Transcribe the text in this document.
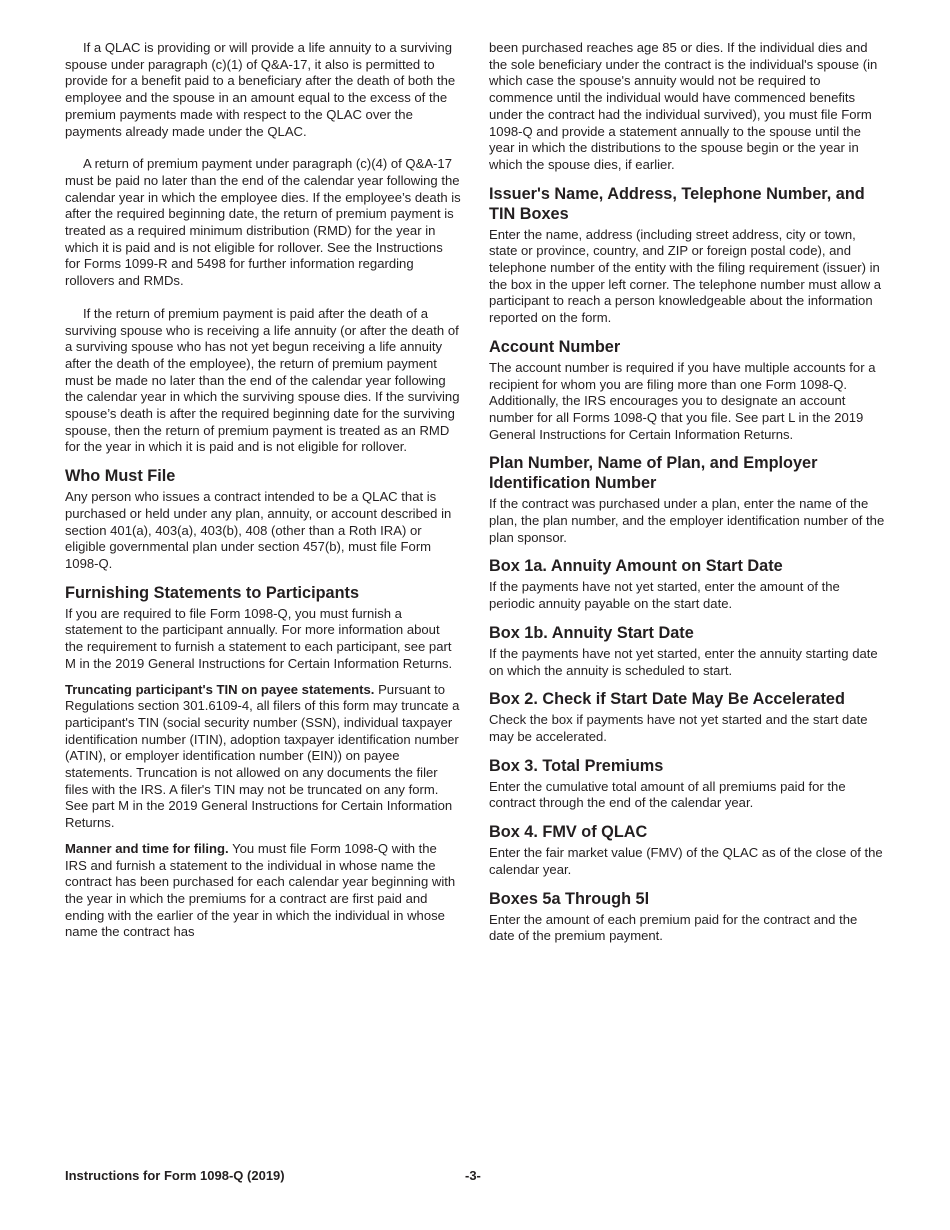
If a QLAC is providing or will provide a life annuity to a surviving spouse under paragraph (c)(1) of Q&A-17, it also is permitted to provide for a benefit paid to a beneficiary after the death of both the employee and the spouse in an amount equal to the excess of the premium payments made with respect to the QLAC over the payments already made under the QLAC.

A return of premium payment under paragraph (c)(4) of Q&A-17 must be paid no later than the end of the calendar year following the calendar year in which the employee dies. If the employee’s death is after the required beginning date, the return of premium payment is treated as a required minimum distribution (RMD) for the year in which it is paid and is not eligible for rollover. See the Instructions for Forms 1099-R and 5498 for further information regarding rollovers and RMDs.

If the return of premium payment is paid after the death of a surviving spouse who is receiving a life annuity (or after the death of a surviving spouse who has not yet begun receiving a life annuity after the death of the employee), the return of premium payment must be made no later than the end of the calendar year following the calendar year in which the surviving spouse dies. If the surviving spouse’s death is after the required beginning date for the surviving spouse, then the return of premium payment is treated as an RMD for the year in which it is paid and is not eligible for rollover.

Who Must File

Any person who issues a contract intended to be a QLAC that is purchased or held under any plan, annuity, or account described in section 401(a), 403(a), 403(b), 408 (other than a Roth IRA) or eligible governmental plan under section 457(b), must file Form 1098-Q.

Furnishing Statements to Participants

If you are required to file Form 1098-Q, you must furnish a statement to the participant annually. For more information about the requirement to furnish a statement to each participant, see part M in the 2019 General Instructions for Certain Information Returns.

Truncating participant's TIN on payee statements. Pursuant to Regulations section 301.6109-4, all filers of this form may truncate a participant's TIN (social security number (SSN), individual taxpayer identification number (ITIN), adoption taxpayer identification number (ATIN), or employer identification number (EIN)) on payee statements. Truncation is not allowed on any documents the filer files with the IRS. A filer's TIN may not be truncated on any form. See part M in the 2019 General Instructions for Certain Information Returns.

Manner and time for filing. You must file Form 1098-Q with the IRS and furnish a statement to the individual in whose name the contract has been purchased for each calendar year beginning with the year in which the premiums for a contract are first paid and ending with the earlier of the year in which the individual in whose name the contract has

been purchased reaches age 85 or dies. If the individual dies and the sole beneficiary under the contract is the individual's spouse (in which case the spouse's annuity would not be required to commence until the individual would have commenced benefits under the contract had the individual survived), you must file Form 1098-Q and provide a statement annually to the spouse until the year in which the distributions to the spouse begin or the year in which the spouse dies, if earlier.

Issuer's Name, Address, Telephone Number, and TIN Boxes

Enter the name, address (including street address, city or town, state or province, country, and ZIP or foreign postal code), and telephone number of the entity with the filing requirement (issuer) in the box in the upper left corner. The telephone number must allow a participant to reach a person knowledgeable about the information reported on the form.

Account Number

The account number is required if you have multiple accounts for a recipient for whom you are filing more than one Form 1098-Q. Additionally, the IRS encourages you to designate an account number for all Forms 1098-Q that you file. See part L in the 2019 General Instructions for Certain Information Returns.

Plan Number, Name of Plan, and Employer Identification Number

If the contract was purchased under a plan, enter the name of the plan, the plan number, and the employer identification number of the plan sponsor.

Box 1a. Annuity Amount on Start Date

If the payments have not yet started, enter the amount of the periodic annuity payable on the start date.

Box 1b. Annuity Start Date

If the payments have not yet started, enter the annuity starting date on which the annuity is scheduled to start.

Box 2. Check if Start Date May Be Accelerated

Check the box if payments have not yet started and the start date may be accelerated.

Box 3. Total Premiums

Enter the cumulative total amount of all premiums paid for the contract through the end of the calendar year.

Box 4. FMV of QLAC

Enter the fair market value (FMV) of the QLAC as of the close of the calendar year.

Boxes 5a Through 5l

Enter the amount of each premium paid for the contract and the date of the premium payment.

Instructions for Form 1098-Q (2019)	-3-
